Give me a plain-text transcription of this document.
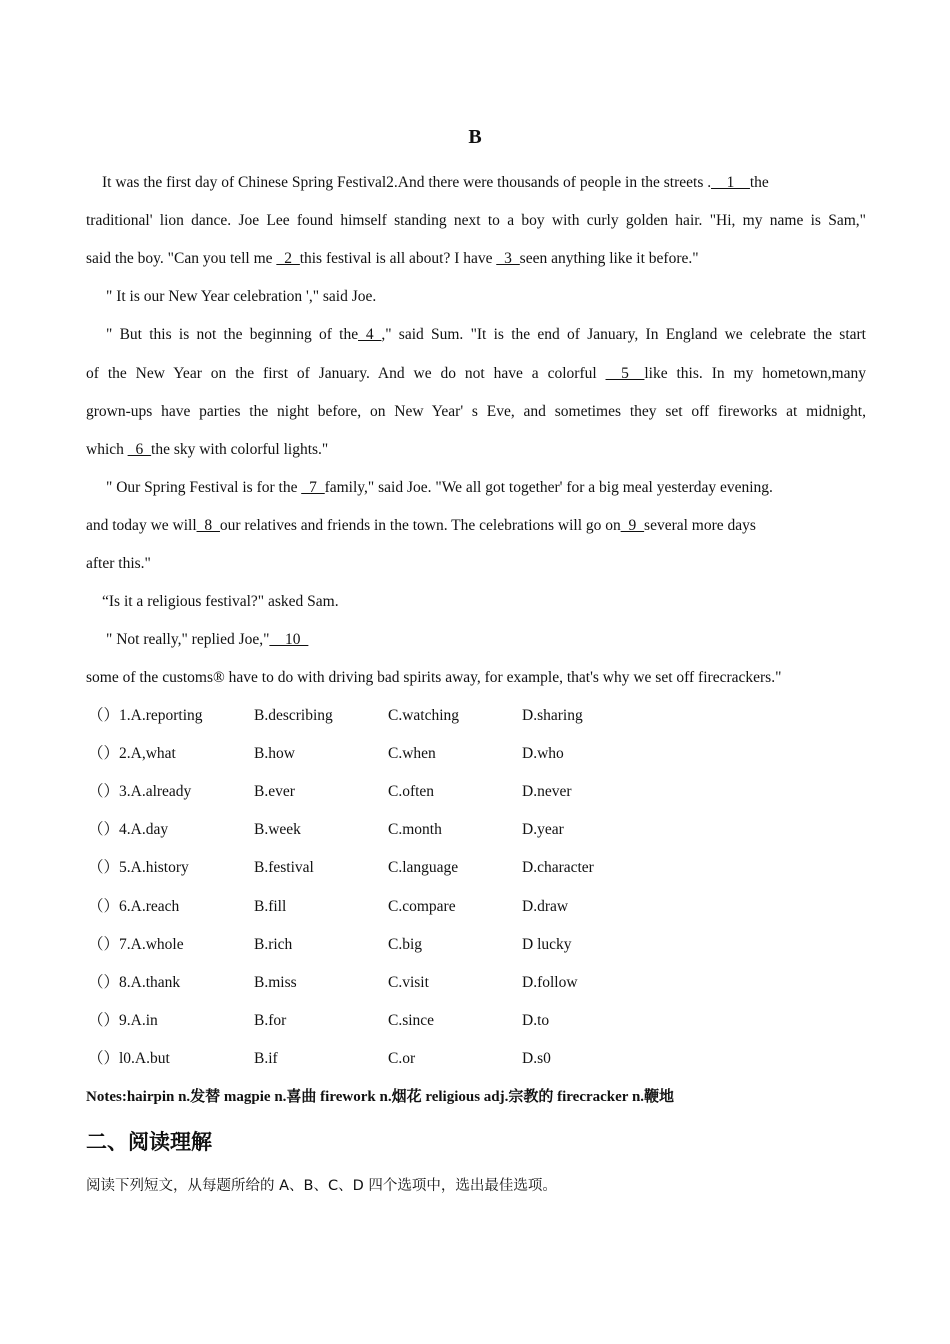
B
It was the first day of Chinese Spring Festival2.And there were thousands of people in the streets .__1__the
traditional' lion dance. Joe Lee found himself standing next to a boy with curly golden hair. "Hi, my name is Sam,"
said the boy. "Can you tell me _2_this festival is all about? I have _3_seen anything like it before."
" It is our New Year celebration '," said Joe.
" But this is not the beginning of the_4_," said Sum. "It is the end of January, In England we celebrate the start
of the New Year on the first of January. And we do not have a colorful __5__like this. In my hometown,many
grown-ups have parties the night before, on New Year' s Eve, and sometimes they set off fireworks at midnight,
which _6_the sky with colorful lights."
" Our Spring Festival is for the _7_family," said Joe. "We all got together' for a big meal yesterday evening.
and today we will_8_our relatives and friends in the town. The celebrations will go on_9_several more days
after this."
“Is it a religious festival?" asked Sam.
" Not really," replied Joe,"__10_
some of the customs® have to do with driving bad spirits away, for example, that's why we set off firecrackers."
（）1.A.reporting	B.describing	C.watching	D.sharing
（）2.A,what	B.how	C.when	D.who
（）3.A.already	B.ever	C.often	D.never
（）4.A.day	B.week	C.month	D.year
（）5.A.history	B.festival	C.language	D.character
（）6.A.reach	B.fill	C.compare	D.draw
（）7.A.whole	B.rich	C.big	D lucky
（）8.A.thank	B.miss	C.visit	D.follow
（）9.A.in	B.for	C.since	D.to
（）l0.A.but	B.if	C.or	D.s0
Notes:hairpin n.发替 magpie n.喜曲 firework n.烟花 religious adj.宗教的 firecracker n.鞭地
二、阅读理解
阅读下列短文，从每题所给的 A、B、C、D 四个选项中，选出最佳选项。
